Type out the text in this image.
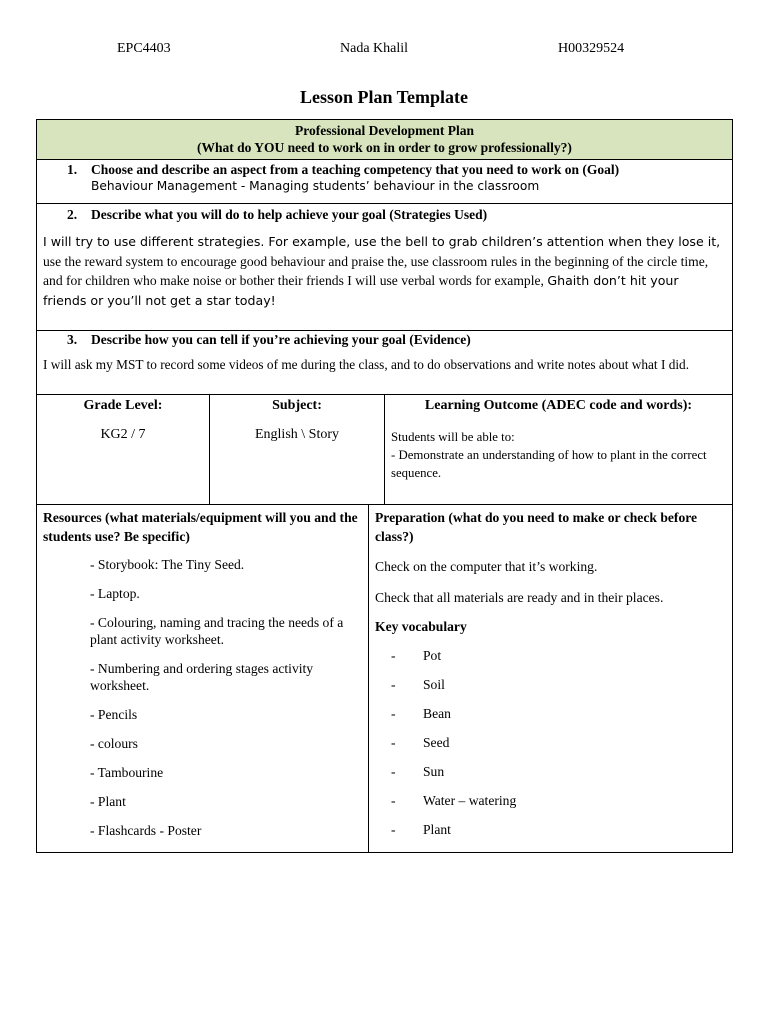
EPC4403	Nada Khalil	H00329524
Lesson Plan Template
Professional Development Plan
(What do YOU need to work on in order to grow professionally?)
1. Choose and describe an aspect from a teaching competency that you need to work on (Goal)
Behaviour Management - Managing students’ behaviour in the classroom
2. Describe what you will do to help achieve your goal (Strategies Used)
I will try to use different strategies. For example, use the bell to grab children’s attention when they lose it, use the reward system to encourage good behaviour and praise the, use classroom rules in the beginning of the circle time, and for children who make noise or bother their friends I will use verbal words for example, Ghaith don’t hit your friends or you’ll not get a star today!
3. Describe how you can tell if you’re achieving your goal (Evidence)
I will ask my MST to record some videos of me during the class, and to do observations and write notes about what I did.
Grade Level:
KG2 / 7
Subject:
English \ Story
Learning Outcome (ADEC code and words):
Students will be able to:
- Demonstrate an understanding of how to plant in the correct sequence.
Resources (what materials/equipment will you and the students use? Be specific)
- Storybook: The Tiny Seed.
- Laptop.
- Colouring, naming and tracing the needs of a plant activity worksheet.
- Numbering and ordering stages activity worksheet.
- Pencils
- colours
- Tambourine
- Plant
- Flashcards - Poster
Preparation (what do you need to make or check before class?)

Check on the computer that it’s working.

Check that all materials are ready and in their places.

Key vocabulary
-	Pot
-	Soil
-	Bean
-	Seed
-	Sun
-	Water – watering
-	Plant
